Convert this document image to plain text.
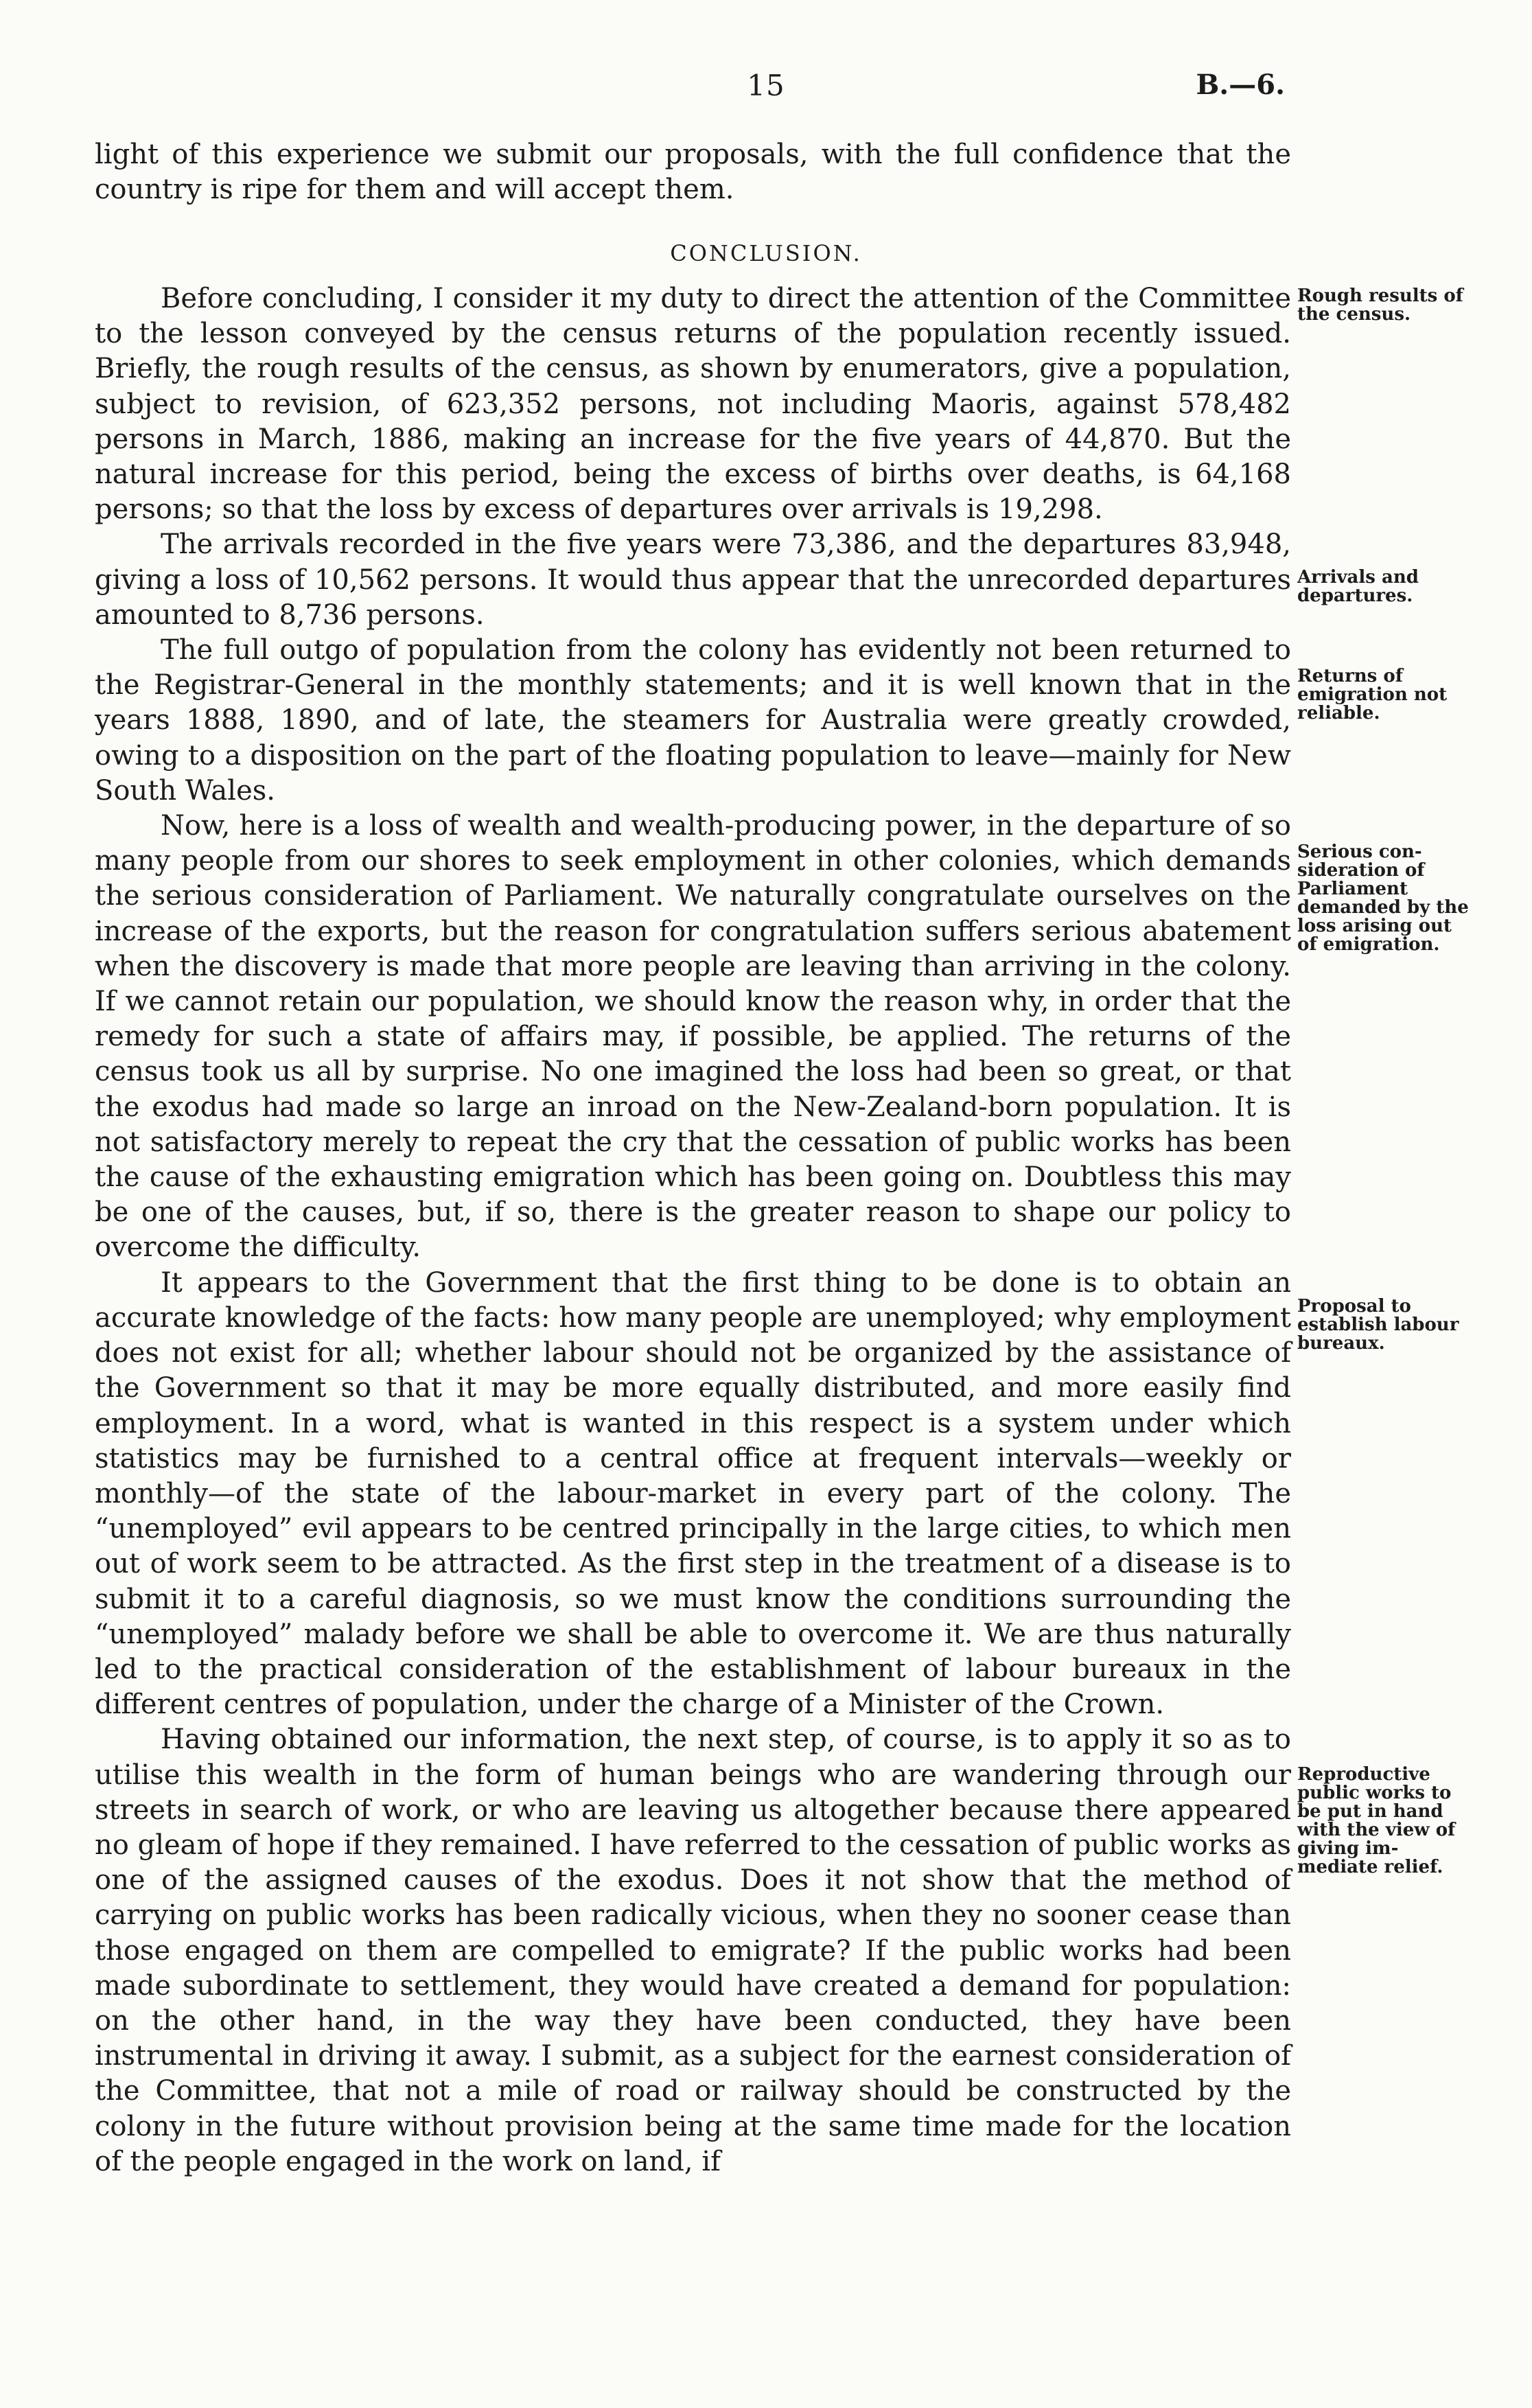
15	B.—6.

light of this experience we submit our proposals, with the full confidence that the country is ripe for them and will accept them.

CONCLUSION.

Before concluding, I consider it my duty to direct the attention of the Committee to the lesson conveyed by the census returns of the population recently issued. Briefly, the rough results of the census, as shown by enumerators, give a population, subject to revision, of 623,352 persons, not including Maoris, against 578,482 persons in March, 1886, making an increase for the five years of 44,870. But the natural increase for this period, being the excess of births over deaths, is 64,168 persons; so that the loss by excess of departures over arrivals is 19,298.

The arrivals recorded in the five years were 73,386, and the departures 83,948, giving a loss of 10,562 persons. It would thus appear that the unrecorded departures amounted to 8,736 persons.

The full outgo of population from the colony has evidently not been returned to the Registrar-General in the monthly statements; and it is well known that in the years 1888, 1890, and of late, the steamers for Australia were greatly crowded, owing to a disposition on the part of the floating population to leave—mainly for New South Wales.

Now, here is a loss of wealth and wealth-producing power, in the departure of so many people from our shores to seek employment in other colonies, which demands the serious consideration of Parliament. We naturally congratulate ourselves on the increase of the exports, but the reason for congratulation suffers serious abatement when the discovery is made that more people are leaving than arriving in the colony. If we cannot retain our population, we should know the reason why, in order that the remedy for such a state of affairs may, if possible, be applied. The returns of the census took us all by surprise. No one imagined the loss had been so great, or that the exodus had made so large an inroad on the New-Zealand-born population. It is not satisfactory merely to repeat the cry that the cessation of public works has been the cause of the exhausting emigration which has been going on. Doubtless this may be one of the causes, but, if so, there is the greater reason to shape our policy to overcome the difficulty.

It appears to the Government that the first thing to be done is to obtain an accurate knowledge of the facts: how many people are unemployed; why employment does not exist for all; whether labour should not be organized by the assistance of the Government so that it may be more equally distributed, and more easily find employment. In a word, what is wanted in this respect is a system under which statistics may be furnished to a central office at frequent intervals—weekly or monthly—of the state of the labour-market in every part of the colony. The “unemployed” evil appears to be centred principally in the large cities, to which men out of work seem to be attracted. As the first step in the treatment of a disease is to submit it to a careful diagnosis, so we must know the conditions surrounding the “unemployed” malady before we shall be able to overcome it. We are thus naturally led to the practical consideration of the establishment of labour bureaux in the different centres of population, under the charge of a Minister of the Crown.

Having obtained our information, the next step, of course, is to apply it so as to utilise this wealth in the form of human beings who are wandering through our streets in search of work, or who are leaving us altogether because there appeared no gleam of hope if they remained. I have referred to the cessation of public works as one of the assigned causes of the exodus. Does it not show that the method of carrying on public works has been radically vicious, when they no sooner cease than those engaged on them are compelled to emigrate? If the public works had been made subordinate to settlement, they would have created a demand for population: on the other hand, in the way they have been conducted, they have been instrumental in driving it away. I submit, as a subject for the earnest consideration of the Committee, that not a mile of road or railway should be constructed by the colony in the future without provision being at the same time made for the location of the people engaged in the work on land, if

Rough results of the census.
Arrivals and departures.
Returns of emigration not reliable.
Serious consideration of Parliament demanded by the loss arising out of emigration.
Proposal to establish labour bureaux.
Reproductive public works to be put in hand with the view of giving immediate relief.
